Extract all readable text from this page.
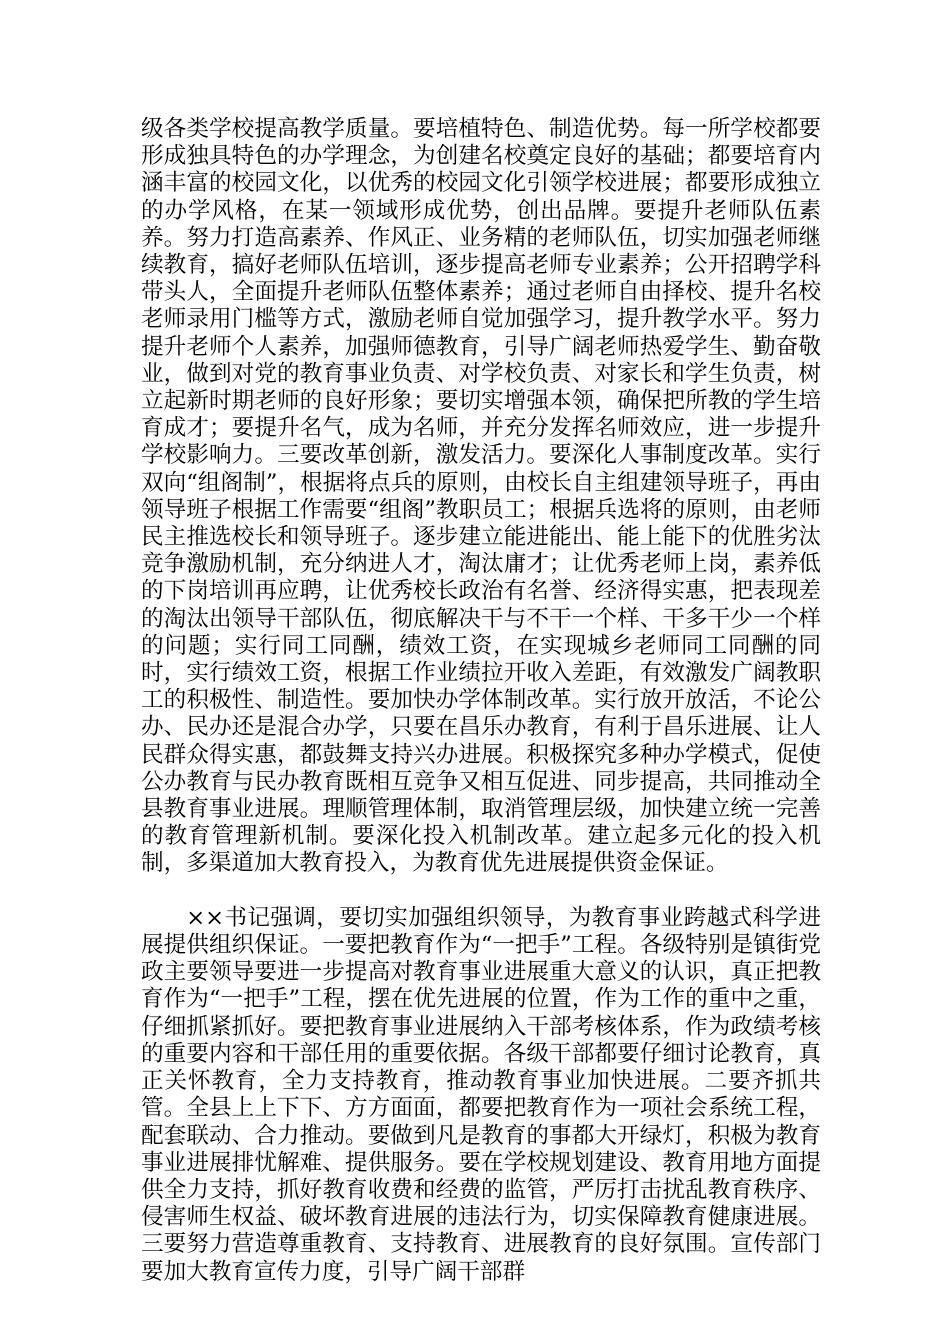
级各类学校提高教学质量。要培植特色、制造优势。每一所学校都要形成独具特色的办学理念，为创建名校奠定良好的基础；都要培育内涵丰富的校园文化，以优秀的校园文化引领学校进展；都要形成独立的办学风格，在某一领域形成优势，创出品牌。要提升老师队伍素养。努力打造高素养、作风正、业务精的老师队伍，切实加强老师继续教育，搞好老师队伍培训，逐步提高老师专业素养；公开招聘学科带头人，全面提升老师队伍整体素养；通过老师自由择校、提升名校老师录用门槛等方式，激励老师自觉加强学习，提升教学水平。努力提升老师个人素养，加强师德教育，引导广阔老师热爱学生、勤奋敬业，做到对党的教育事业负责、对学校负责、对家长和学生负责，树立起新时期老师的良好形象；要切实增强本领，确保把所教的学生培育成才；要提升名气，成为名师，并充分发挥名师效应，进一步提升学校影响力。三要改革创新，激发活力。要深化人事制度改革。实行双向“组阁制”，根据将点兵的原则，由校长自主组建领导班子，再由领导班子根据工作需要“组阁”教职员工；根据兵选将的原则，由老师民主推选校长和领导班子。逐步建立能进能出、能上能下的优胜劣汰竞争激励机制，充分纳进人才，淘汰庸才；让优秀老师上岗，素养低的下岗培训再应聘，让优秀校长政治有名誉、经济得实惠，把表现差的淘汰出领导干部队伍，彻底解决干与不干一个样、干多干少一个样的问题；实行同工同酬，绩效工资，在实现城乡老师同工同酬的同时，实行绩效工资，根据工作业绩拉开收入差距，有效激发广阔教职工的积极性、制造性。要加快办学体制改革。实行放开放活，不论公办、民办还是混合办学，只要在昌乐办教育，有利于昌乐进展、让人民群众得实惠，都鼓舞支持兴办进展。积极探究多种办学模式，促使公办教育与民办教育既相互竞争又相互促进、同步提高，共同推动全县教育事业进展。理顺管理体制，取消管理层级，加快建立统一完善的教育管理新机制。要深化投入机制改革。建立起多元化的投入机制，多渠道加大教育投入，为教育优先进展提供资金保证。

××书记强调，要切实加强组织领导，为教育事业跨越式科学进展提供组织保证。一要把教育作为“一把手”工程。各级特别是镇街党政主要领导要进一步提高对教育事业进展重大意义的认识，真正把教育作为“一把手”工程，摆在优先进展的位置，作为工作的重中之重，仔细抓紧抓好。要把教育事业进展纳入干部考核体系，作为政绩考核的重要内容和干部任用的重要依据。各级干部都要仔细讨论教育，真正关怀教育，全力支持教育，推动教育事业加快进展。二要齐抓共管。全县上上下下、方方面面，都要把教育作为一项社会系统工程，配套联动、合力推动。要做到凡是教育的事都大开绿灯，积极为教育事业进展排忧解难、提供服务。要在学校规划建设、教育用地方面提供全力支持，抓好教育收费和经费的监管，严厉打击扰乱教育秩序、侵害师生权益、破坏教育进展的违法行为，切实保障教育健康进展。三要努力营造尊重教育、支持教育、进展教育的良好氛围。宣传部门要加大教育宣传力度，引导广阔干部群
